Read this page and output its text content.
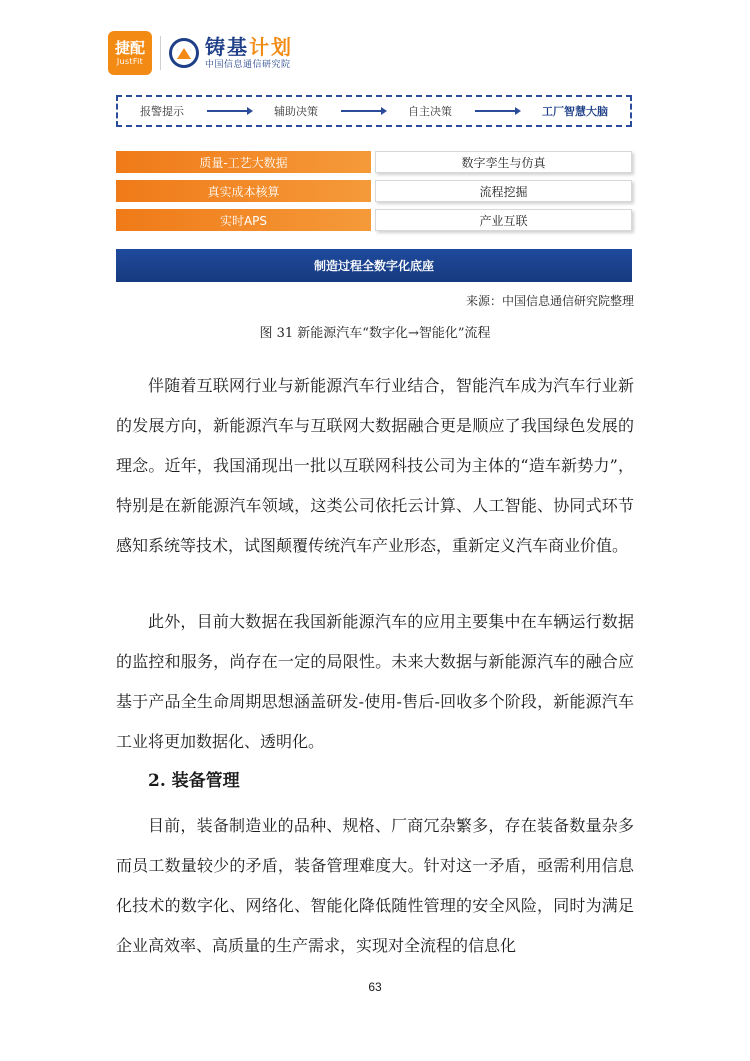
捷配
JustFit
铸基计划
中国信息通信研究院
报警提示	辅助决策	自主决策	工厂智慧大脑
质量-工艺大数据	数字孪生与仿真
真实成本核算	流程挖掘
实时APS	产业互联
制造过程全数字化底座
来源：中国信息通信研究院整理
图 31 新能源汽车“数字化→智能化”流程

伴随着互联网行业与新能源汽车行业结合，智能汽车成为汽车行业新的发展方向，新能源汽车与互联网大数据融合更是顺应了我国绿色发展的理念。近年，我国涌现出一批以互联网科技公司为主体的“造车新势力”，特别是在新能源汽车领域，这类公司依托云计算、人工智能、协同式环节感知系统等技术，试图颠覆传统汽车产业形态，重新定义汽车商业价值。

此外，目前大数据在我国新能源汽车的应用主要集中在车辆运行数据的监控和服务，尚存在一定的局限性。未来大数据与新能源汽车的融合应基于产品全生命周期思想涵盖研发-使用-售后-回收多个阶段，新能源汽车工业将更加数据化、透明化。

2. 装备管理

目前，装备制造业的品种、规格、厂商冗杂繁多，存在装备数量杂多而员工数量较少的矛盾，装备管理难度大。针对这一矛盾，亟需利用信息化技术的数字化、网络化、智能化降低随性管理的安全风险，同时为满足企业高效率、高质量的生产需求，实现对全流程的信息化

63
